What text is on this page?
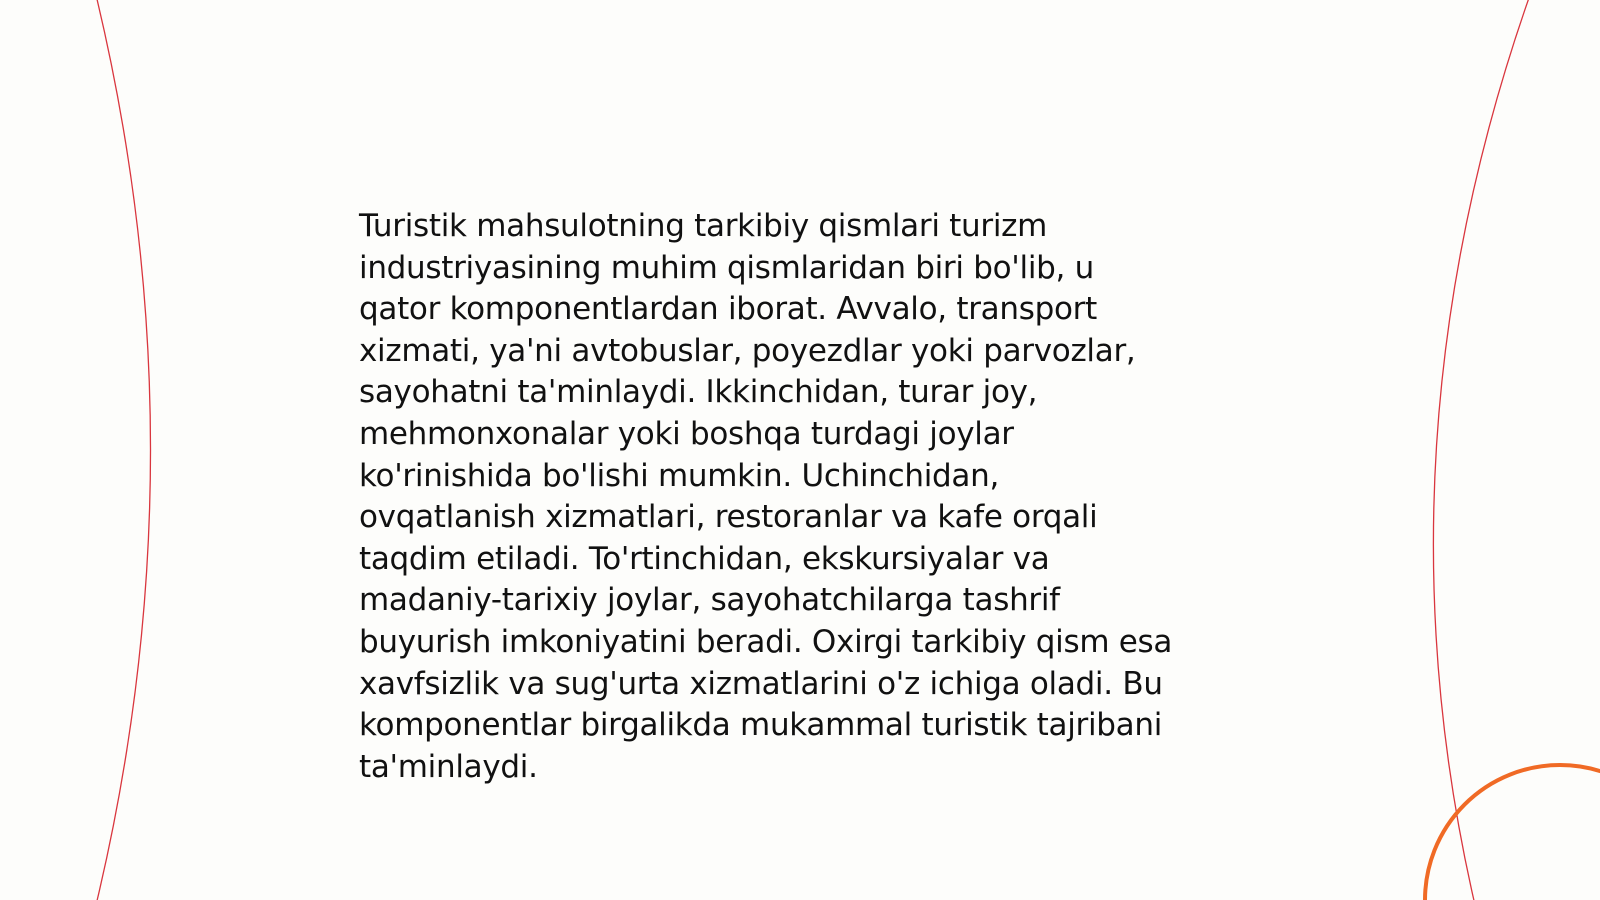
Turistik mahsulotning tarkibiy qismlari turizm
industriyasining muhim qismlaridan biri bo'lib, u
qator komponentlardan iborat. Avvalo, transport
xizmati, ya'ni avtobuslar, poyezdlar yoki parvozlar,
sayohatni ta'minlaydi. Ikkinchidan, turar joy,
mehmonxonalar yoki boshqa turdagi joylar
ko'rinishida bo'lishi mumkin. Uchinchidan,
ovqatlanish xizmatlari, restoranlar va kafe orqali
taqdim etiladi. To'rtinchidan, ekskursiyalar va
madaniy-tarixiy joylar, sayohatchilarga tashrif
buyurish imkoniyatini beradi. Oxirgi tarkibiy qism esa
xavfsizlik va sug'urta xizmatlarini o'z ichiga oladi. Bu
komponentlar birgalikda mukammal turistik tajribani
ta'minlaydi.
